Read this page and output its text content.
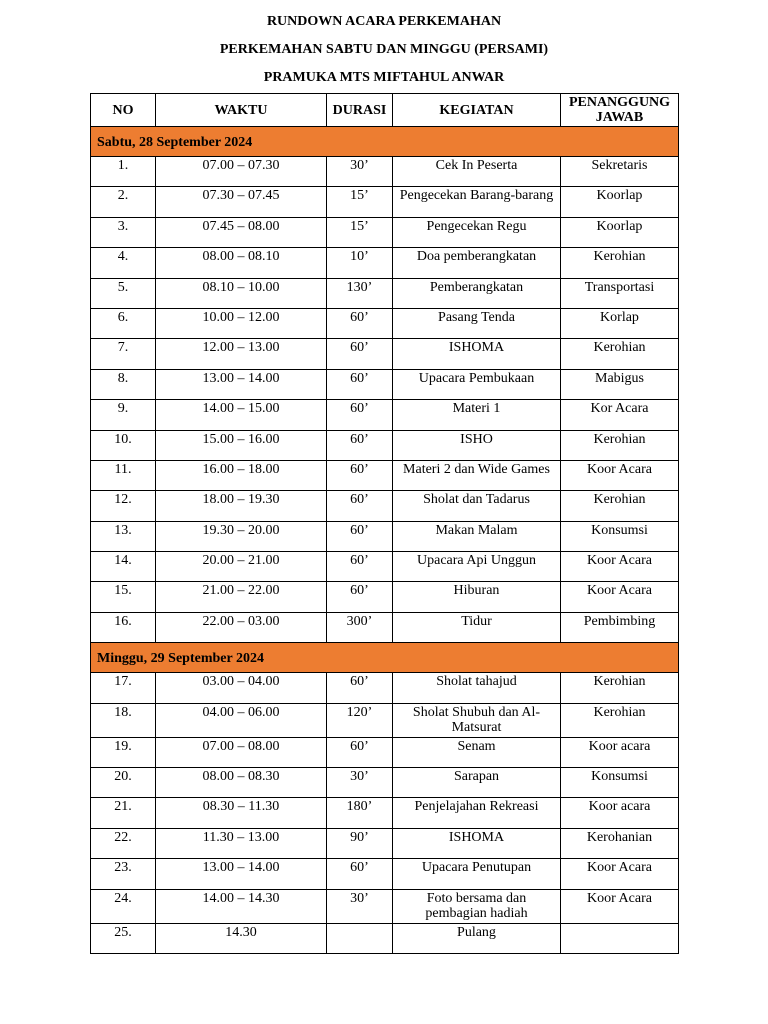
RUNDOWN ACARA PERKEMAHAN
PERKEMAHAN SABTU DAN MINGGU (PERSAMI)
PRAMUKA MTS MIFTAHUL ANWAR
NO	WAKTU	DURASI	KEGIATAN	PENANGGUNG JAWAB
Sabtu, 28 September 2024				
1.	07.00 – 07.30	30’	Cek In Peserta	Sekretaris
2.	07.30 – 07.45	15’	Pengecekan Barang-barang	Koorlap
3.	07.45 – 08.00	15’	Pengecekan Regu	Koorlap
4.	08.00 – 08.10	10’	Doa pemberangkatan	Kerohian
5.	08.10 – 10.00	130’	Pemberangkatan	Transportasi
6.	10.00 – 12.00	60’	Pasang Tenda	Korlap
7.	12.00 – 13.00	60’	ISHOMA	Kerohian
8.	13.00 – 14.00	60’	Upacara Pembukaan	Mabigus
9.	14.00 – 15.00	60’	Materi 1	Kor Acara
10.	15.00 – 16.00	60’	ISHO	Kerohian
11.	16.00 – 18.00	60’	Materi 2 dan Wide Games	Koor Acara
12.	18.00 – 19.30	60’	Sholat dan Tadarus	Kerohian
13.	19.30 – 20.00	60’	Makan Malam	Konsumsi
14.	20.00 – 21.00	60’	Upacara Api Unggun	Koor Acara
15.	21.00 – 22.00	60’	Hiburan	Koor Acara
16.	22.00 – 03.00	300’	Tidur	Pembimbing
Minggu, 29 September 2024				
17.	03.00 – 04.00	60’	Sholat tahajud	Kerohian
18.	04.00 – 06.00	120’	Sholat Shubuh dan Al-Matsurat	Kerohian
19.	07.00 – 08.00	60’	Senam	Koor acara
20.	08.00 – 08.30	30’	Sarapan	Konsumsi
21.	08.30 – 11.30	180’	Penjelajahan Rekreasi	Koor acara
22.	11.30 – 13.00	90’	ISHOMA	Kerohanian
23.	13.00 – 14.00	60’	Upacara Penutupan	Koor Acara
24.	14.00 – 14.30	30’	Foto bersama dan pembagian hadiah	Koor Acara
25.	14.30		Pulang	
